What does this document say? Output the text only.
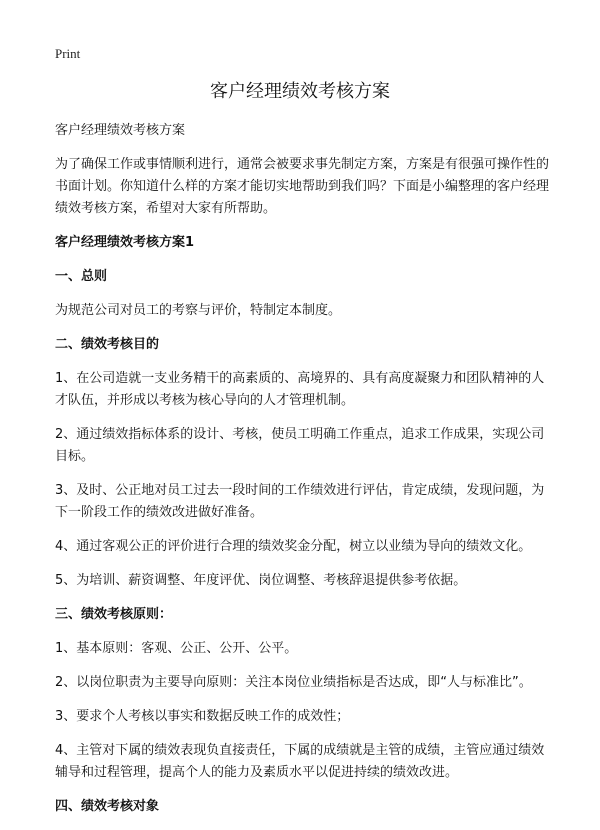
Print
客户经理绩效考核方案

客户经理绩效考核方案

为了确保工作或事情顺利进行，通常会被要求事先制定方案，方案是有很强可操作性的书面计划。你知道什么样的方案才能切实地帮助到我们吗？下面是小编整理的客户经理绩效考核方案，希望对大家有所帮助。

客户经理绩效考核方案1

一、总则

为规范公司对员工的考察与评价，特制定本制度。

二、绩效考核目的

1、在公司造就一支业务精干的高素质的、高境界的、具有高度凝聚力和团队精神的人才队伍，并形成以考核为核心导向的人才管理机制。

2、通过绩效指标体系的设计、考核，使员工明确工作重点，追求工作成果，实现公司目标。

3、及时、公正地对员工过去一段时间的工作绩效进行评估，肯定成绩，发现问题，为下一阶段工作的绩效改进做好准备。

4、通过客观公正的评价进行合理的绩效奖金分配，树立以业绩为导向的绩效文化。

5、为培训、薪资调整、年度评优、岗位调整、考核辞退提供参考依据。

三、绩效考核原则：

1、基本原则：客观、公正、公开、公平。

2、以岗位职责为主要导向原则：关注本岗位业绩指标是否达成，即“人与标准比”。

3、要求个人考核以事实和数据反映工作的成效性；

4、主管对下属的绩效表现负直接责任，下属的成绩就是主管的成绩，主管应通过绩效辅导和过程管理，提高个人的能力及素质水平以促进持续的绩效改进。

四、绩效考核对象
